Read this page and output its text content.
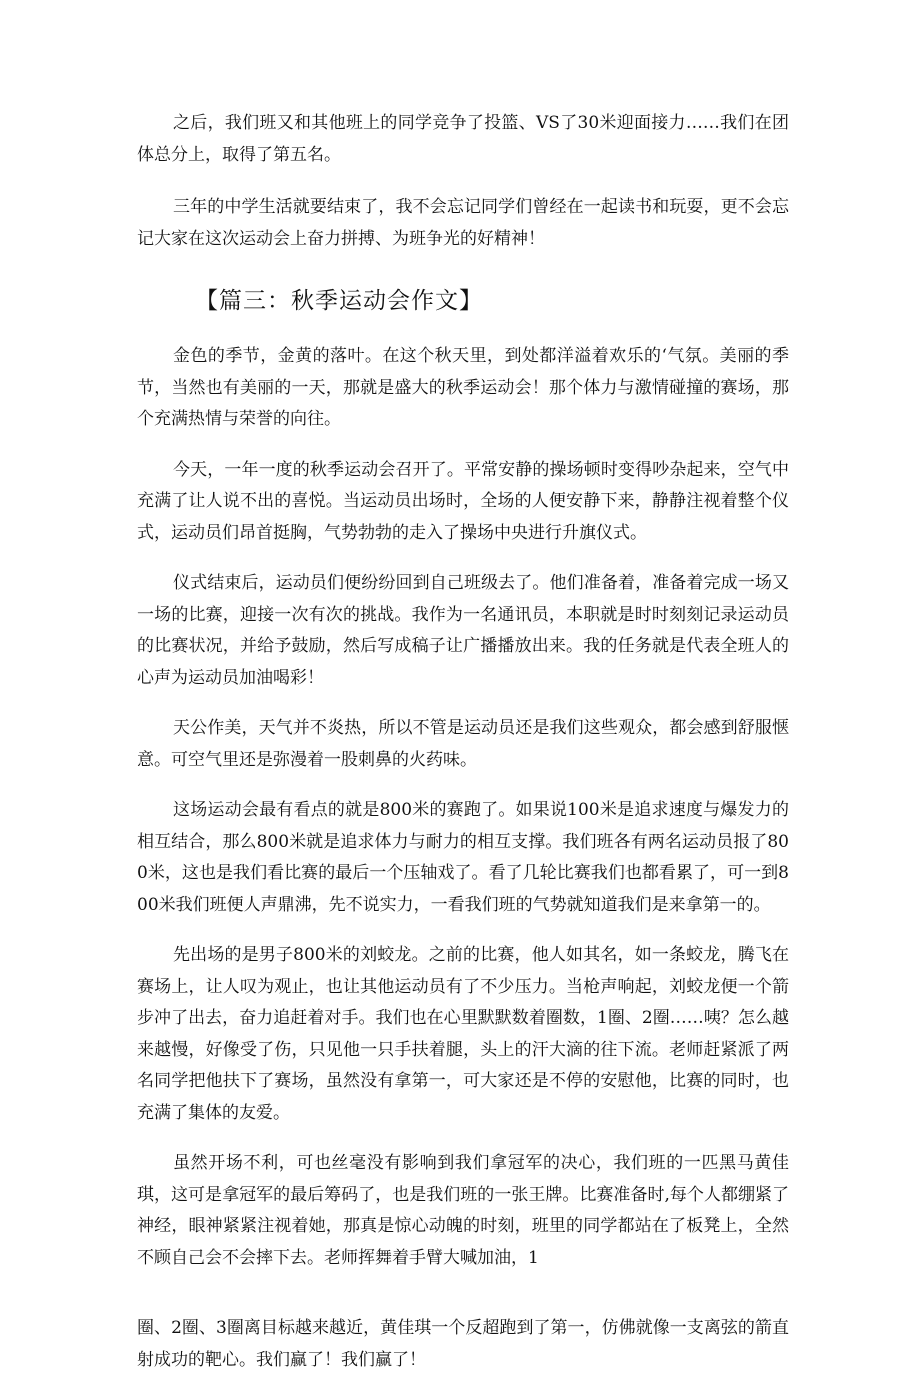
之后，我们班又和其他班上的同学竞争了投篮、VS了30米迎面接力……我们在团体总分上，取得了第五名。

三年的中学生活就要结束了，我不会忘记同学们曾经在一起读书和玩耍，更不会忘记大家在这次运动会上奋力拼搏、为班争光的好精神！

【篇三：秋季运动会作文】

金色的季节，金黄的落叶。在这个秋天里，到处都洋溢着欢乐的‘气氛。美丽的季节，当然也有美丽的一天，那就是盛大的秋季运动会！那个体力与激情碰撞的赛场，那个充满热情与荣誉的向往。

今天，一年一度的秋季运动会召开了。平常安静的操场顿时变得吵杂起来，空气中充满了让人说不出的喜悦。当运动员出场时，全场的人便安静下来，静静注视着整个仪式，运动员们昂首挺胸，气势勃勃的走入了操场中央进行升旗仪式。

仪式结束后，运动员们便纷纷回到自己班级去了。他们准备着，准备着完成一场又一场的比赛，迎接一次有次的挑战。我作为一名通讯员，本职就是时时刻刻记录运动员的比赛状况，并给予鼓励，然后写成稿子让广播播放出来。我的任务就是代表全班人的心声为运动员加油喝彩！

天公作美，天气并不炎热，所以不管是运动员还是我们这些观众，都会感到舒服惬意。可空气里还是弥漫着一股刺鼻的火药味。

这场运动会最有看点的就是800米的赛跑了。如果说100米是追求速度与爆发力的相互结合，那么800米就是追求体力与耐力的相互支撑。我们班各有两名运动员报了800米，这也是我们看比赛的最后一个压轴戏了。看了几轮比赛我们也都看累了，可一到800米我们班便人声鼎沸，先不说实力，一看我们班的气势就知道我们是来拿第一的。

先出场的是男子800米的刘蛟龙。之前的比赛，他人如其名，如一条蛟龙，腾飞在赛场上，让人叹为观止，也让其他运动员有了不少压力。当枪声响起，刘蛟龙便一个箭步冲了出去，奋力追赶着对手。我们也在心里默默数着圈数，1圈、2圈……咦？怎么越来越慢，好像受了伤，只见他一只手扶着腿，头上的汗大滴的往下流。老师赶紧派了两名同学把他扶下了赛场，虽然没有拿第一，可大家还是不停的安慰他，比赛的同时，也充满了集体的友爱。

虽然开场不利，可也丝毫没有影响到我们拿冠军的决心，我们班的一匹黑马黄佳琪，这可是拿冠军的最后筹码了，也是我们班的一张王牌。比赛准备时,每个人都绷紧了神经，眼神紧紧注视着她，那真是惊心动魄的时刻，班里的同学都站在了板凳上，全然不顾自己会不会摔下去。老师挥舞着手臂大喊加油，1

圈、2圈、3圈离目标越来越近，黄佳琪一个反超跑到了第一，仿佛就像一支离弦的箭直射成功的靶心。我们赢了！我们赢了！
